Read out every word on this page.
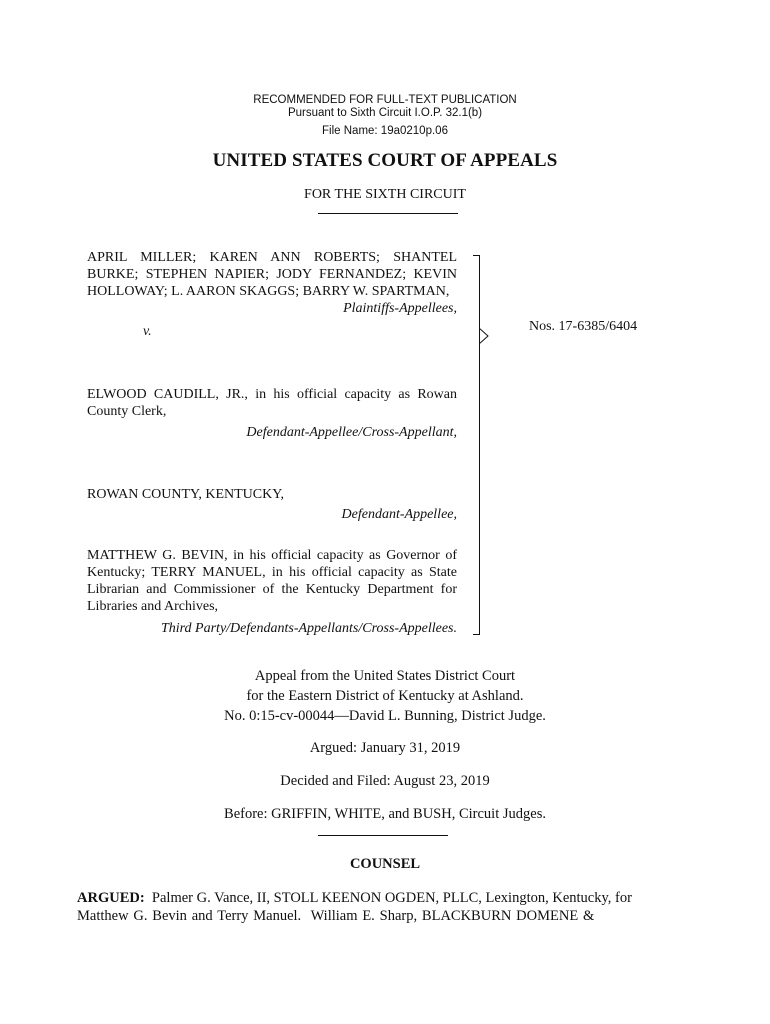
RECOMMENDED FOR FULL-TEXT PUBLICATION
Pursuant to Sixth Circuit I.O.P. 32.1(b)
File Name: 19a0210p.06
UNITED STATES COURT OF APPEALS
FOR THE SIXTH CIRCUIT
APRIL MILLER; KAREN ANN ROBERTS; SHANTEL BURKE; STEPHEN NAPIER; JODY FERNANDEZ; KEVIN HOLLOWAY; L. AARON SKAGGS; BARRY W. SPARTMAN,
Plaintiffs-Appellees,
v.	Nos. 17-6385/6404
ELWOOD CAUDILL, JR., in his official capacity as Rowan County Clerk,
Defendant-Appellee/Cross-Appellant,
ROWAN COUNTY, KENTUCKY,
Defendant-Appellee,
MATTHEW G. BEVIN, in his official capacity as Governor of Kentucky; TERRY MANUEL, in his official capacity as State Librarian and Commissioner of the Kentucky Department for Libraries and Archives,
Third Party/Defendants-Appellants/Cross-Appellees.
Appeal from the United States District Court
for the Eastern District of Kentucky at Ashland.
No. 0:15-cv-00044—David L. Bunning, District Judge.
Argued: January 31, 2019
Decided and Filed: August 23, 2019
Before: GRIFFIN, WHITE, and BUSH, Circuit Judges.
COUNSEL
ARGUED: Palmer G. Vance, II, STOLL KEENON OGDEN, PLLC, Lexington, Kentucky, for
Matthew G. Bevin and Terry Manuel.  William E. Sharp, BLACKBURN DOMENE &
